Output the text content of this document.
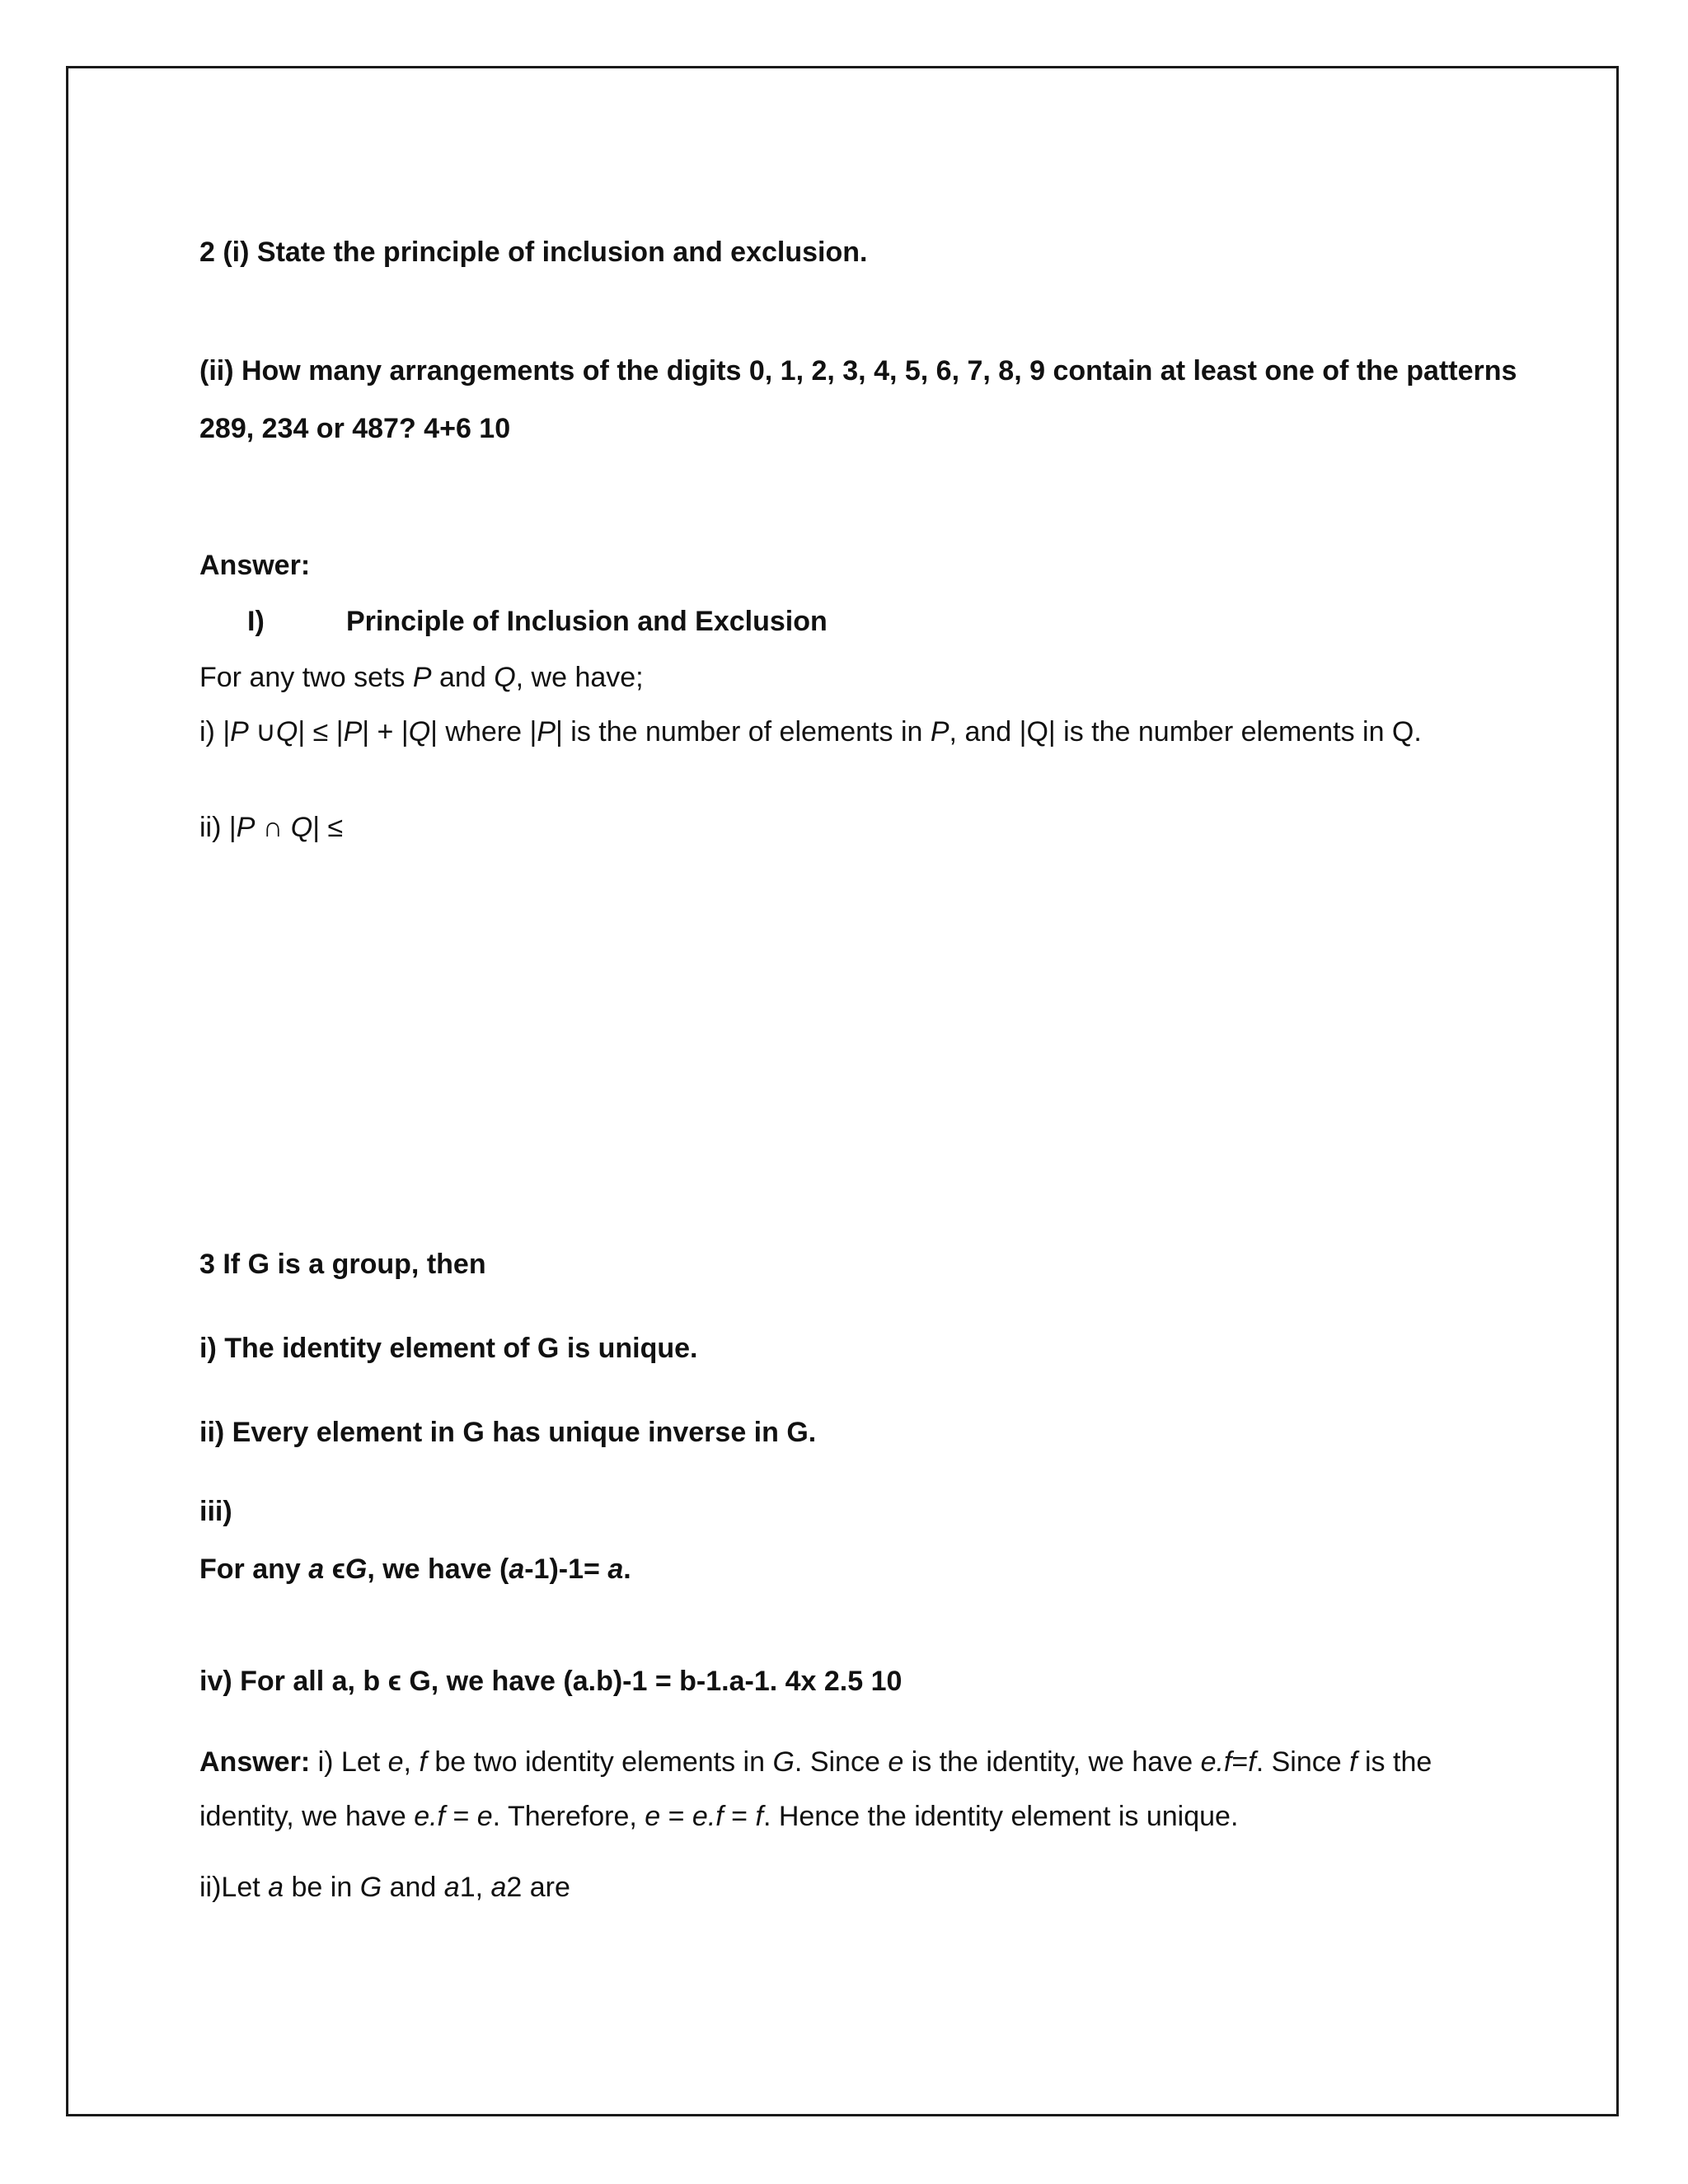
2 (i) State the principle of inclusion and exclusion.
(ii) How many arrangements of the digits 0, 1, 2, 3, 4, 5, 6, 7, 8, 9 contain at least one of the patterns
289, 234 or 487? 4+6 10
Answer:
I)	Principle of Inclusion and Exclusion
For any two sets P and Q, we have;
i) |P ∪Q| ≤ |P| + |Q| where |P| is the number of elements in P, and |Q| is the number elements in Q.
ii) |P ∩ Q| ≤
3 If G is a group, then
i) The identity element of G is unique.
ii) Every element in G has unique inverse in G.
iii)
For any a ϵG, we have (a-1)-1= a.
iv) For all a, b ϵ G, we have (a.b)-1 = b-1.a-1. 4x 2.5 10
Answer: i) Let e, f be two identity elements in G. Since e is the identity, we have e.f=f. Since f is the
identity, we have e.f = e. Therefore, e = e.f = f. Hence the identity element is unique.
ii)Let a be in G and a1, a2 are
